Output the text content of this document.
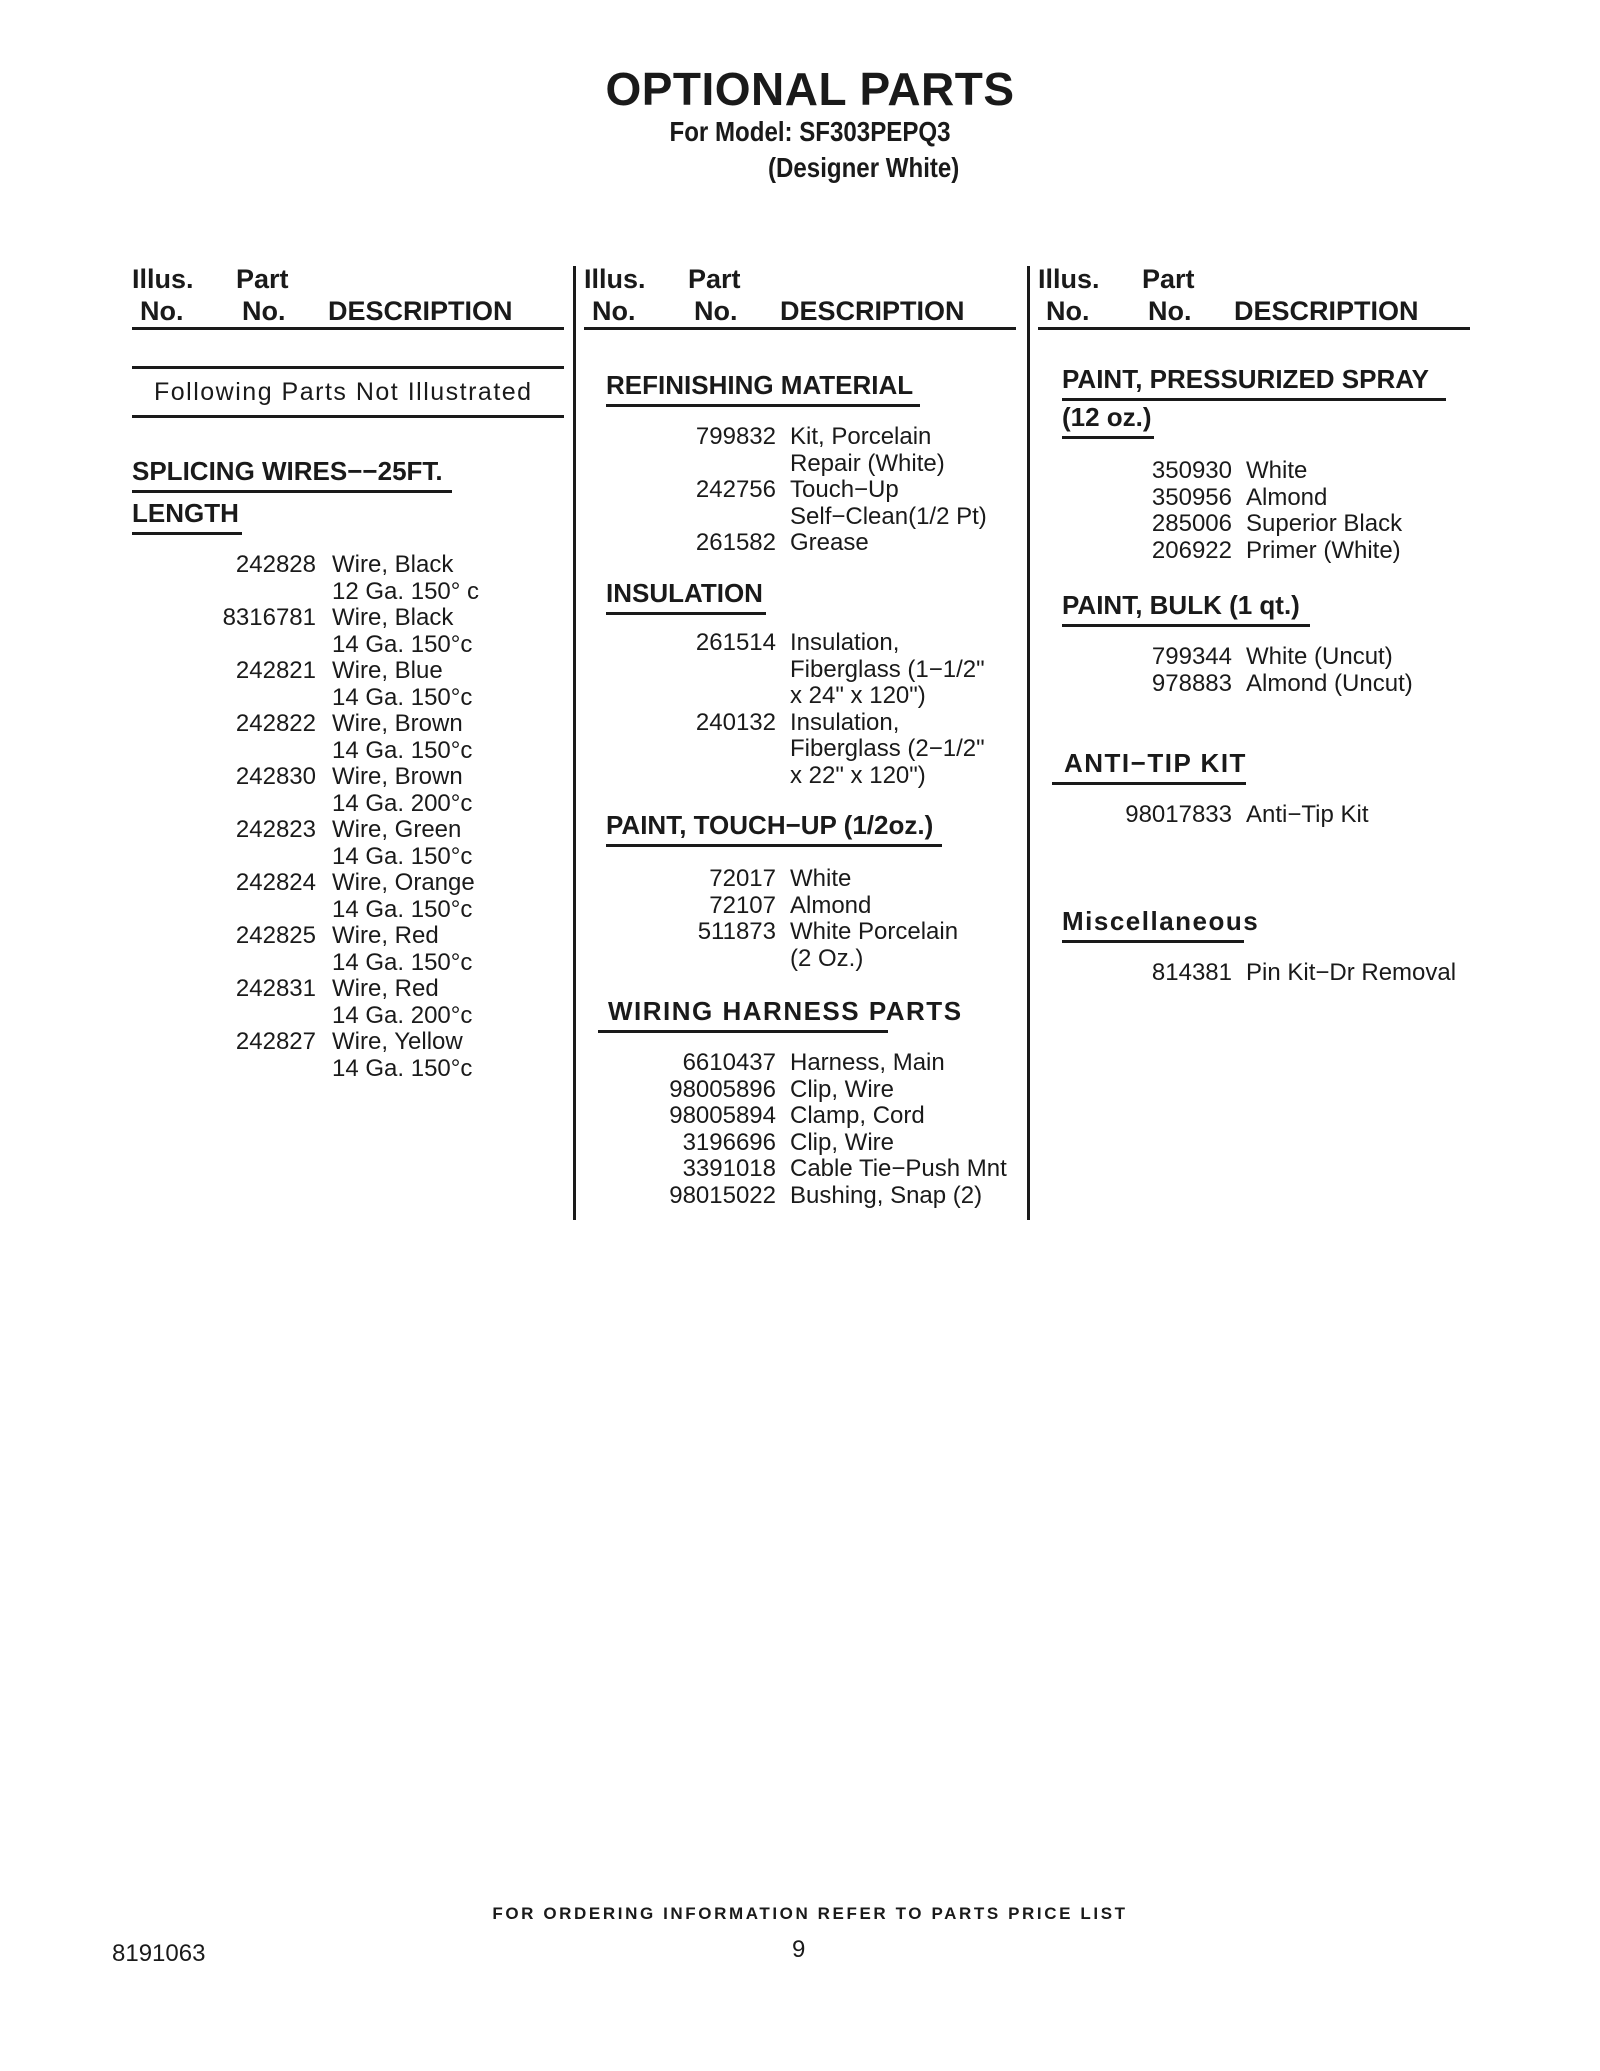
OPTIONAL PARTS
For Model: SF303PEPQ3
(Designer White)
Illus.
No.
Part
No. DESCRIPTION
Following Parts Not Illustrated
SPLICING WIRES−−25FT.
LENGTH
242828 Wire, Black
12 Ga. 150° c
8316781 Wire, Black
14 Ga. 150°c
242821 Wire, Blue
14 Ga. 150°c
242822 Wire, Brown
14 Ga. 150°c
242830 Wire, Brown
14 Ga. 200°c
242823 Wire, Green
14 Ga. 150°c
242824 Wire, Orange
14 Ga. 150°c
242825 Wire, Red
14 Ga. 150°c
242831 Wire, Red
14 Ga. 200°c
242827 Wire, Yellow
14 Ga. 150°c
Illus.
No.
Part
No. DESCRIPTION
REFINISHING MATERIAL
799832 Kit, Porcelain
Repair (White)
242756 Touch−Up
Self−Clean(1/2 Pt)
261582 Grease
INSULATION
261514 Insulation,
Fiberglass (1−1/2"
x 24" x 120")
240132 Insulation,
Fiberglass (2−1/2"
x 22" x 120")
PAINT, TOUCH−UP (1/2oz.)
72017 White
72107 Almond
511873 White Porcelain
(2 Oz.)
WIRING HARNESS PARTS
6610437 Harness, Main
98005896 Clip, Wire
98005894 Clamp, Cord
3196696 Clip, Wire
3391018 Cable Tie−Push Mnt
98015022 Bushing, Snap (2)
Illus.
No.
Part
No. DESCRIPTION
PAINT, PRESSURIZED SPRAY
(12 oz.)
350930 White
350956 Almond
285006 Superior Black
206922 Primer (White)
PAINT, BULK (1 qt.)
799344 White (Uncut)
978883 Almond (Uncut)
ANTI−TIP KIT
98017833 Anti−Tip Kit
Miscellaneous
814381 Pin Kit−Dr Removal
FOR ORDERING INFORMATION REFER TO PARTS PRICE LIST
8191063	9
